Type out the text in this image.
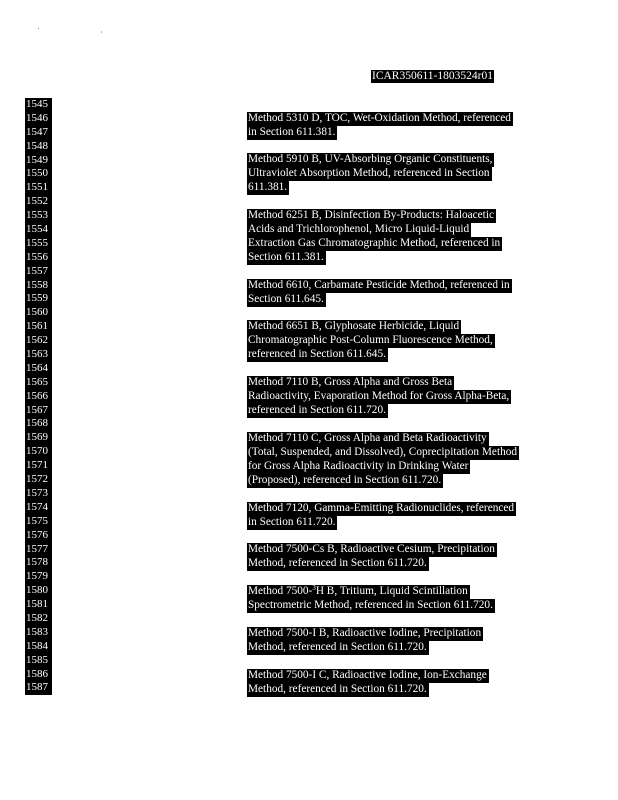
' ,
ICAR350611-1803524r01
1545
1546
1547
1548
1549
1550
1551
1552
1553
1554
1555
1556
1557
1558
1559
1560
1561
1562
1563
1564
1565
1566
1567
1568
1569
1570
1571
1572
1573
1574
1575
1576
1577
1578
1579
1580
1581
1582
1583
1584
1585
1586
1587
Method 5310 D, TOC, Wet-Oxidation Method, referenced
in Section 611.381.
Method 5910 B, UV-Absorbing Organic Constituents,
Ultraviolet Absorption Method, referenced in Section
611.381.
Method 6251 B, Disinfection By-Products: Haloacetic
Acids and Trichlorophenol, Micro Liquid-Liquid
Extraction Gas Chromatographic Method, referenced in
Section 611.381.
Method 6610, Carbamate Pesticide Method, referenced in
Section 611.645.
Method 6651 B, Glyphosate Herbicide, Liquid
Chromatographic Post-Column Fluorescence Method,
referenced in Section 611.645.
Method 7110 B, Gross Alpha and Gross Beta
Radioactivity, Evaporation Method for Gross Alpha-Beta,
referenced in Section 611.720.
Method 7110 C, Gross Alpha and Beta Radioactivity
(Total, Suspended, and Dissolved), Coprecipitation Method
for Gross Alpha Radioactivity in Drinking Water
(Proposed), referenced in Section 611.720.
Method 7120, Gamma-Emitting Radionuclides, referenced
in Section 611.720.
Method 7500-Cs B, Radioactive Cesium, Precipitation
Method, referenced in Section 611.720.
Method 7500-$^3$H B, Tritium, Liquid Scintillation
Spectrometric Method, referenced in Section 611.720.
Method 7500-I B, Radioactive Iodine, Precipitation
Method, referenced in Section 611.720.
Method 7500-I C, Radioactive Iodine, Ion-Exchange
Method, referenced in Section 611.720.
